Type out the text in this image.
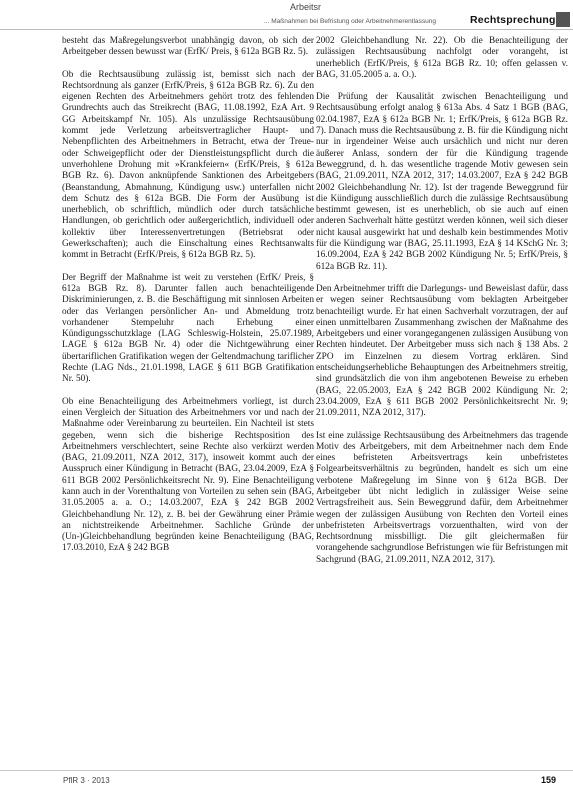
Arbeitsr
... Maßnahmen bei Befristung oder Arbeitnehmerentlassung	Rechtsprechung

besteht das Maßregelungsverbot unabhängig davon, ob sich der Arbeitgeber dessen bewusst war (ErfK/ Preis, § 612a BGB Rz. 5).

Ob die Rechtsausübung zulässig ist, bemisst sich nach der Rechtsordnung als ganzer (ErfK/Preis, § 612a BGB Rz. 6). Zu den eigenen Rechten des Arbeitnehmers gehört trotz des fehlenden Grundrechts auch das Streikrecht (BAG, 11.08.1992, EzA Art. 9 GG Arbeitskampf Nr. 105). Als unzulässige Rechtsausübung kommt jede Verletzung arbeitsvertraglicher Haupt- und Nebenpflichten des Arbeitnehmers in Betracht, etwa der Treue- oder Schweigepflicht oder der Dienstleistungspflicht durch die unverhohlene Drohung mit »Krankfeiern« (ErfK/Preis, § 612a BGB Rz. 6). Davon anknüpfende Sanktionen des Arbeitgebers (Beanstandung, Abmahnung, Kündigung usw.) unterfallen nicht dem Schutz des § 612a BGB. Die Form der Ausübung ist unerheblich, ob schriftlich, mündlich oder durch tatsächliche Handlungen, ob gerichtlich oder außergerichtlich, individuell oder kollektiv über Interessenvertretungen (Betriebsrat oder Gewerkschaften); auch die Einschaltung eines Rechtsanwalts kommt in Betracht (ErfK/Preis, § 612a BGB Rz. 5).

Der Begriff der Maßnahme ist weit zu verstehen (ErfK/ Preis, § 612a BGB Rz. 8). Darunter fallen auch benachteiligende Diskriminierungen, z. B. die Beschäftigung mit sinnlosen Arbeiten oder das Verlangen persönlicher An- und Abmeldung trotz vorhandener Stempeluhr nach Erhebung einer Kündigungsschutzklage (LAG Schleswig-Holstein, 25.07.1989, LAGE § 612a BGB Nr. 4) oder die Nichtgewährung einer übertariflichen Gratifikation wegen der Geltendmachung tariflicher Rechte (LAG Nds., 21.01.1998, LAGE § 611 BGB Gratifikation Nr. 50).

Ob eine Benachteiligung des Arbeitnehmers vorliegt, ist durch einen Vergleich der Situation des Arbeitnehmers vor und nach der Maßnahme oder Vereinbarung zu beurteilen. Ein Nachteil ist stets gegeben, wenn sich die bisherige Rechtsposition des Arbeitnehmers verschlechtert, seine Rechte also verkürzt werden (BAG, 21.09.2011, NZA 2012, 317), insoweit kommt auch der Ausspruch einer Kündigung in Betracht (BAG, 23.04.2009, EzA § 611 BGB 2002 Persönlichkeitsrecht Nr. 9). Eine Benachteiligung kann auch in der Vorenthaltung von Vorteilen zu sehen sein (BAG, 31.05.2005 a. a. O.; 14.03.2007, EzA § 242 BGB 2002 Gleichbehandlung Nr. 12), z. B. bei der Gewährung einer Prämie an nichtstreikende Arbeitnehmer. Sachliche Gründe der (Un-)Gleichbehandlung begründen keine Benachteiligung (BAG, 17.03.2010, EzA § 242 BGB

2002 Gleichbehandlung Nr. 22). Ob die Benachteiligung der zulässigen Rechtsausübung nachfolgt oder vorangeht, ist unerheblich (ErfK/Preis, § 612a BGB Rz. 10; offen gelassen v. BAG, 31.05.2005 a. a. O.).

Die Prüfung der Kausalität zwischen Benachteiligung und Rechtsausübung erfolgt analog § 613a Abs. 4 Satz 1 BGB (BAG, 02.04.1987, EzA § 612a BGB Nr. 1; ErfK/Preis, § 612a BGB Rz. 7). Danach muss die Rechtsausübung z. B. für die Kündigung nicht nur in irgendeiner Weise auch ursächlich und nicht nur deren äußerer Anlass, sondern der für die Kündigung tragende Beweggrund, d. h. das wesentliche tragende Motiv gewesen sein (BAG, 21.09.2011, NZA 2012, 317; 14.03.2007, EzA § 242 BGB 2002 Gleichbehandlung Nr. 12). Ist der tragende Beweggrund für die Kündigung ausschließlich durch die zulässige Rechtsausübung bestimmt gewesen, ist es unerheblich, ob sie auch auf einen anderen Sachverhalt hätte gestützt werden können, weil sich dieser nicht kausal ausgewirkt hat und deshalb kein bestimmendes Motiv für die Kündigung war (BAG, 25.11.1993, EzA § 14 KSchG Nr. 3; 16.09.2004, EzA § 242 BGB 2002 Kündigung Nr. 5; ErfK/Preis, § 612a BGB Rz. 11).

Den Arbeitnehmer trifft die Darlegungs- und Beweislast dafür, dass er wegen seiner Rechtsausübung vom beklagten Arbeitgeber benachteiligt wurde. Er hat einen Sachverhalt vorzutragen, der auf einen unmittelbaren Zusammenhang zwischen der Maßnahme des Arbeitgebers und einer vorangegangenen zulässigen Ausübung von Rechten hindeutet. Der Arbeitgeber muss sich nach § 138 Abs. 2 ZPO im Einzelnen zu diesem Vortrag erklären. Sind entscheidungserhebliche Behauptungen des Arbeitnehmers streitig, sind grundsätzlich die von ihm angebotenen Beweise zu erheben (BAG, 22.05.2003, EzA § 242 BGB 2002 Kündigung Nr. 2; 23.04.2009, EzA § 611 BGB 2002 Persönlichkeitsrecht Nr. 9; 21.09.2011, NZA 2012, 317).

Ist eine zulässige Rechtsausübung des Arbeitnehmers das tragende Motiv des Arbeitgebers, mit dem Arbeitnehmer nach dem Ende eines befristeten Arbeitsvertrags kein unbefristetes Folgearbeitsverhältnis zu begründen, handelt es sich um eine verbotene Maßregelung im Sinne von § 612a BGB. Der Arbeitgeber übt nicht lediglich in zulässiger Weise seine Vertragsfreiheit aus. Sein Beweggrund dafür, dem Arbeitnehmer wegen der zulässigen Ausübung von Rechten den Vorteil eines unbefristeten Arbeitsvertrags vorzuenthalten, wird von der Rechtsordnung missbilligt. Die gilt gleichermaßen für vorangehende sachgrundlose Befristungen wie für Befristungen mit Sachgrund (BAG, 21.09.2011, NZA 2012, 317).

PflR 3 · 2013	159
